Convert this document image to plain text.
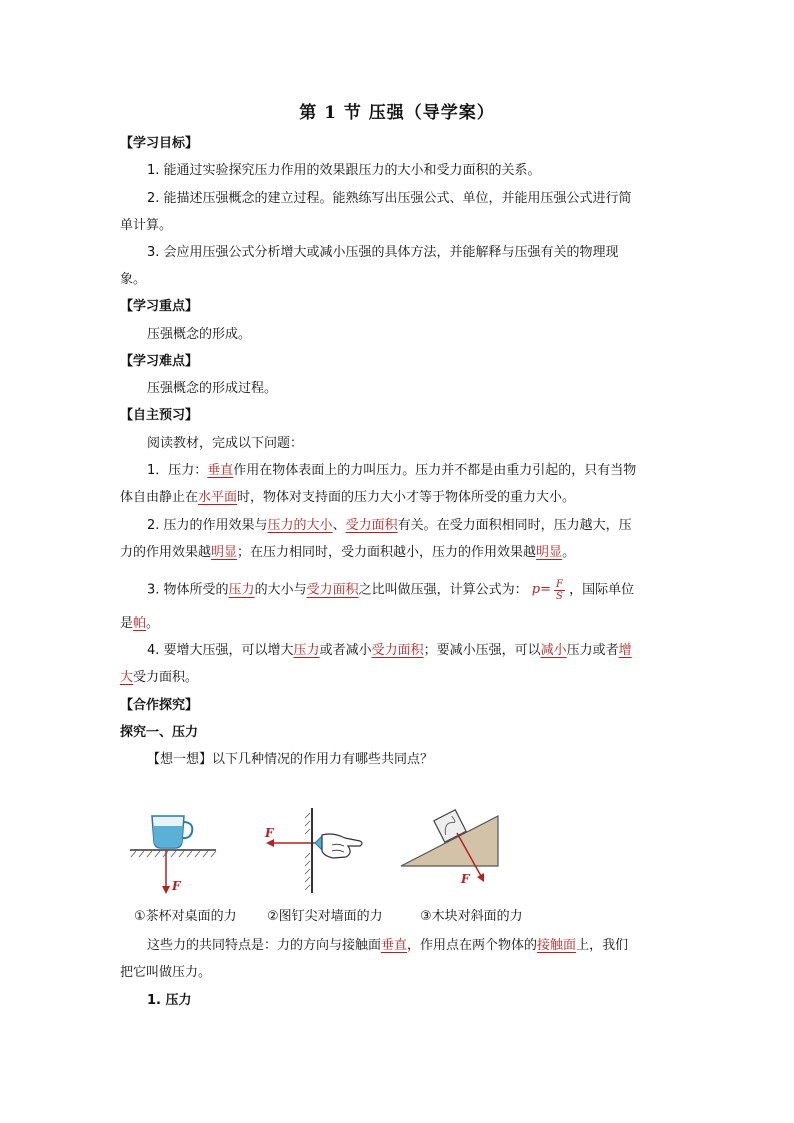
第 1 节 压强（导学案）
【学习目标】
1. 能通过实验探究压力作用的效果跟压力的大小和受力面积的关系。
2. 能描述压强概念的建立过程。能熟练写出压强公式、单位，并能用压强公式进行简
单计算。
3. 会应用压强公式分析增大或减小压强的具体方法，并能解释与压强有关的物理现
象。
【学习重点】
压强概念的形成。
【学习难点】
压强概念的形成过程。
【自主预习】
阅读教材，完成以下问题：
1．压力：垂直作用在物体表面上的力叫压力。压力并不都是由重力引起的，只有当物
体自由静止在水平面时，物体对支持面的压力大小才等于物体所受的重力大小。
2. 压力的作用效果与压力的大小、受力面积有关。在受力面积相同时，压力越大，压
力的作用效果越明显；在压力相同时，受力面积越小，压力的作用效果越明显。
3. 物体所受的压力的大小与受力面积之比叫做压强，计算公式为： $p = \frac{F}{S}$ ，国际单位
是帕。
4. 要增大压强，可以增大压力或者减小受力面积；要减小压强，可以减小压力或者增
大受力面积。
【合作探究】
探究一、压力
【想一想】以下几种情况的作用力有哪些共同点？
F
F
F
①茶杯对桌面的力 ②图钉尖对墙面的力	③木块对斜面的力
这些力的共同特点是：力的方向与接触面垂直，作用点在两个物体的接触面上，我们
把它叫做压力。
1. 压力
